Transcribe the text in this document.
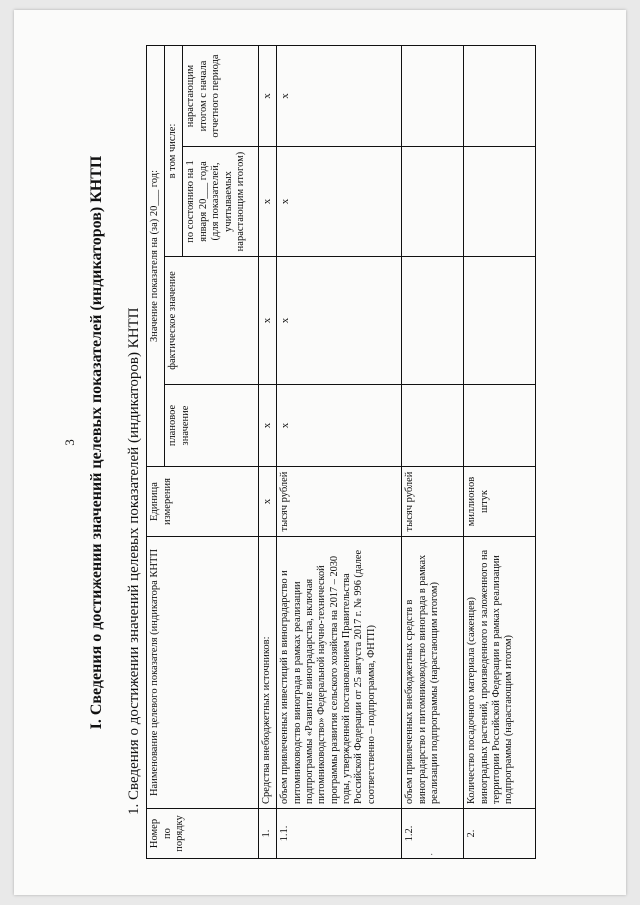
3 I. Сведения о достижении значений целевых показателей (индикаторов) КНТП 1. Сведения о достижении значений целевых показателей (индикаторов) КНТП
Номер по порядку	Наименование целевого показателя (индикатора КНТП	Единица измерения	Значение показателя на (за) 20___ год:			
			плановое значение	фактическое значение	в том числе:	
					по состоянию на 1 января 20___ года (для показателей, учитываемых нарастающим итогом)	нарастающим итогом с начала отчетного периода
1.	Средства внебюджетных источников:	х	х	х	х	х
1.1.	объем привлеченных инвестиций в виноградарство и питомниководство винограда в рамках реализации подпрограммы «Развитие виноградарства, включая питомниководство» Федеральной научно-технической программы развития сельского хозяйства на 2017 – 2030 годы, утвержденной постановлением Правительства Российской Федерации от 25 августа 2017 г. № 996 (далее соответственно – подпрограмма, ФНТП)	тысяч рублей	х	х	х	х
1.2.	объем привлеченных внебюджетных средств в виноградарство и питомниководство винограда в рамках реализации подпрограммы (нарастающим итогом)	тысяч рублей				
2.	Количество посадочного материала (саженцев) виноградных растений, произведенного и заложенного на территории Российской Федерации в рамках реализации подпрограммы (нарастающим итогом)	миллионов штук				
·
